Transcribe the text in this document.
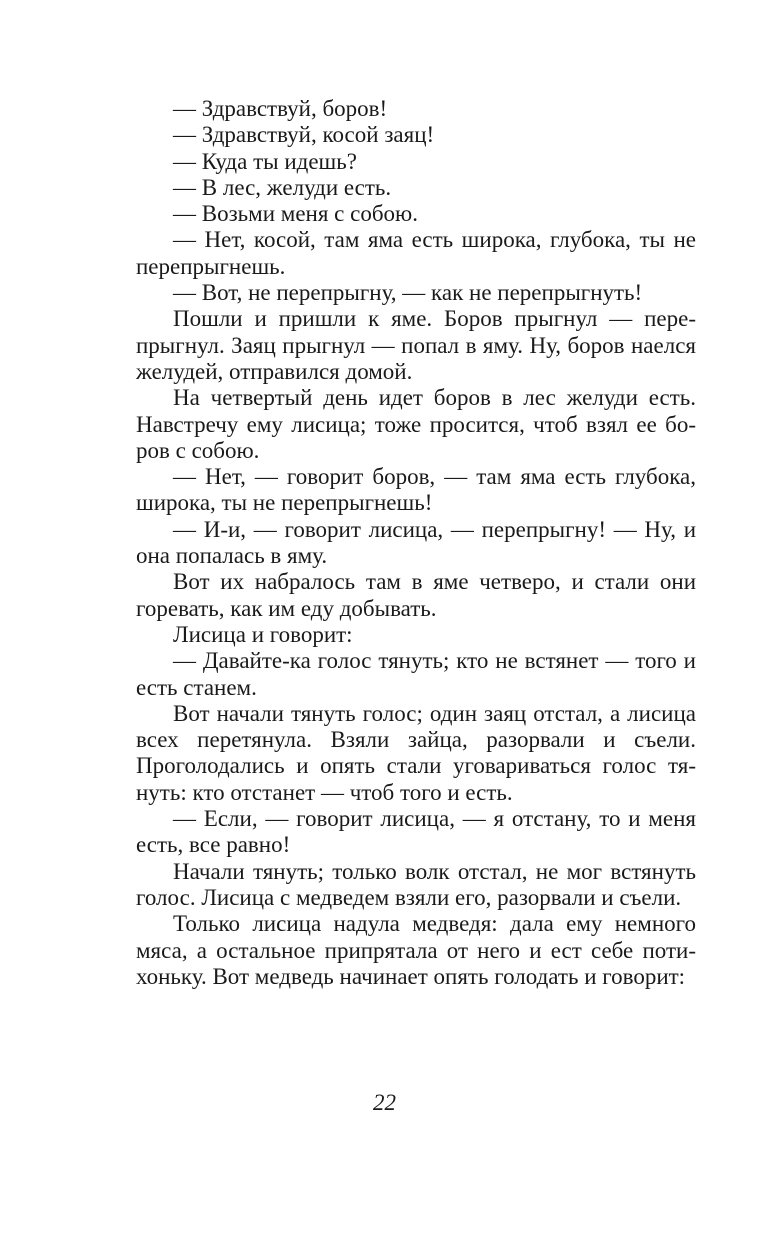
— Здравствуй, боров!

— Здравствуй, косой заяц!

— Куда ты идешь?

— В лес, желуди есть.

— Возьми меня с собою.

— Нет, косой, там яма есть широка, глубока, ты не перепрыгнешь.

— Вот, не перепрыгну, — как не перепрыгнуть!

Пошли и пришли к яме. Боров прыгнул — перепрыгнул. Заяц прыгнул — попал в яму. Ну, боров наелся желудей, отправился домой.

На четвертый день идет боров в лес желуди есть. Навстречу ему лисица; тоже просится, чтоб взял ее боров с собою.

— Нет, — говорит боров, — там яма есть глубока, широка, ты не перепрыгнешь!

— И-и, — говорит лисица, — перепрыгну! — Ну, и она попалась в яму.

Вот их набралось там в яме четверо, и стали они горевать, как им еду добывать.

Лисица и говорит:

— Давайте-ка голос тянуть; кто не встянет — того и есть станем.

Вот начали тянуть голос; один заяц отстал, а лисица всех перетянула. Взяли зайца, разорвали и съели. Проголодались и опять стали уговариваться голос тянуть: кто отстанет — чтоб того и есть.

— Если, — говорит лисица, — я отстану, то и меня есть, все равно!

Начали тянуть; только волк отстал, не мог встянуть голос. Лисица с медведем взяли его, разорвали и съели.

Только лисица надула медведя: дала ему немного мяса, а остальное припрятала от него и ест себе потихоньку. Вот медведь начинает опять голодать и говорит:

22
